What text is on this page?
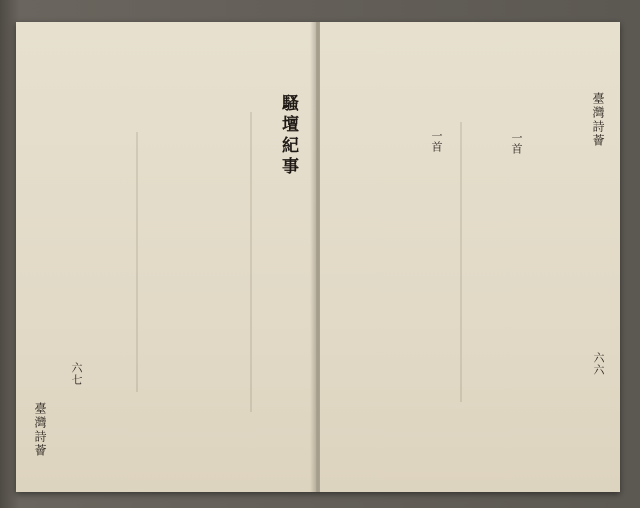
臺灣詩薈
六七
騷壇紀事	臺灣詩薈
六六
一首
一首
